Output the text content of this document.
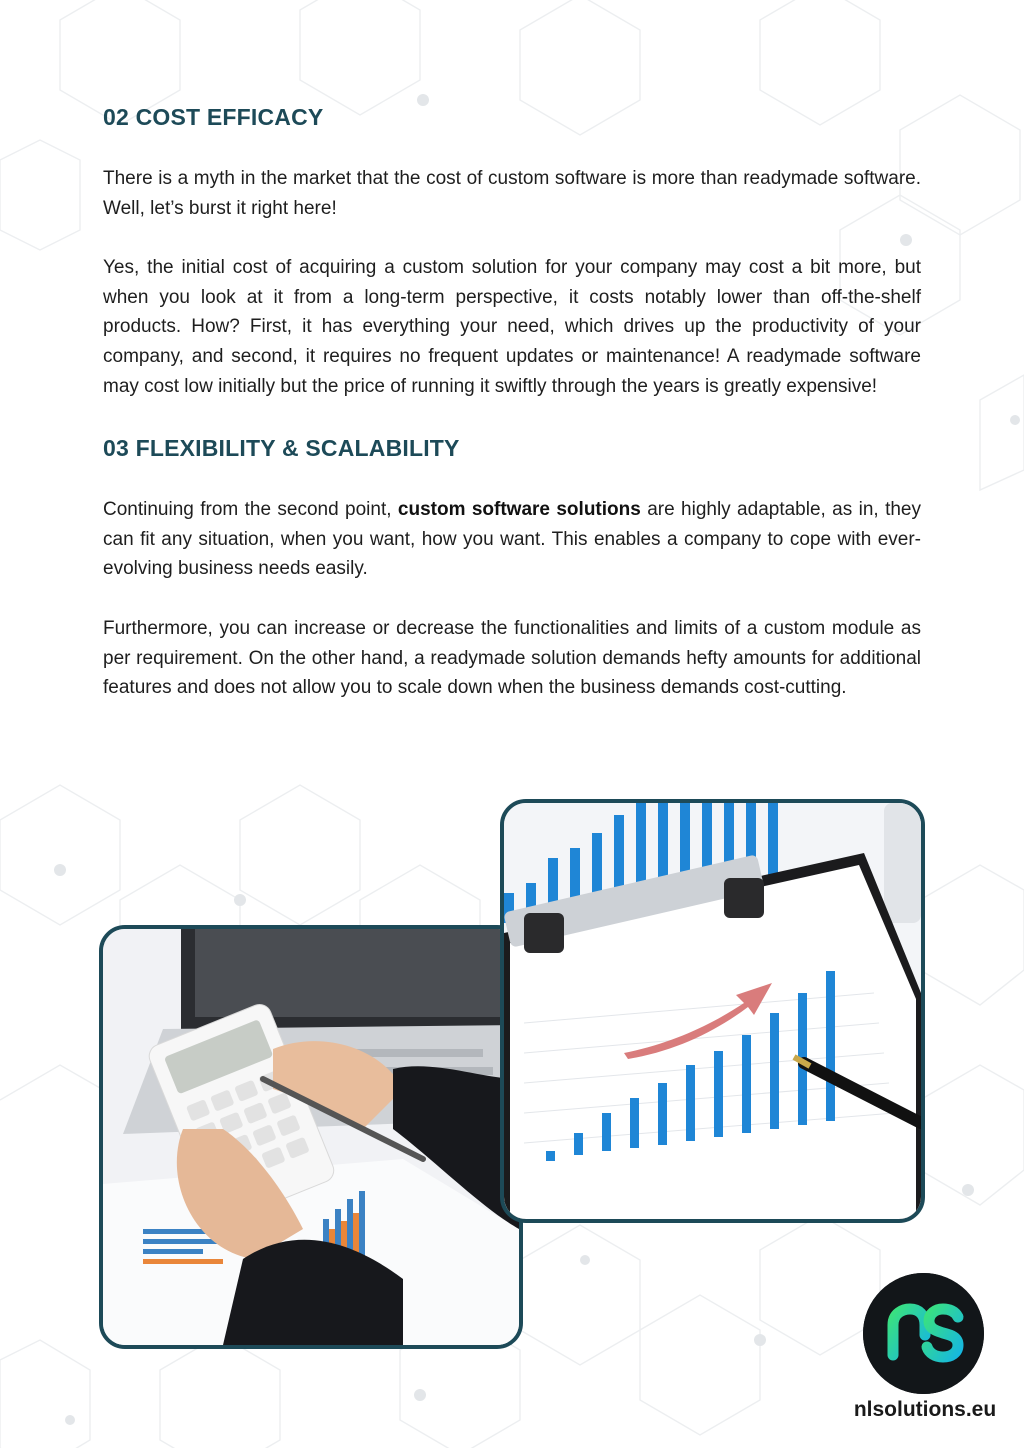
02 COST EFFICACY

There is a myth in the market that the cost of custom software is more than readymade software. Well, let’s burst it right here!

Yes, the initial cost of acquiring a custom solution for your company may cost a bit more, but when you look at it from a long-term perspective, it costs notably lower than off-the-shelf products. How? First, it has everything your need, which drives up the productivity of your company, and second, it requires no frequent updates or maintenance! A readymade software may cost low initially but the price of running it swiftly through the years is greatly expensive!

03 FLEXIBILITY & SCALABILITY

Continuing from the second point, custom software solutions are highly adaptable, as in, they can fit any situation, when you want, how you want. This enables a company to cope with ever-evolving business needs easily.

Furthermore, you can increase or decrease the functionalities and limits of a custom module as per requirement. On the other hand, a readymade solution demands hefty amounts for additional features and does not allow you to scale down when the business demands cost-cutting.

nlsolutions.eu
